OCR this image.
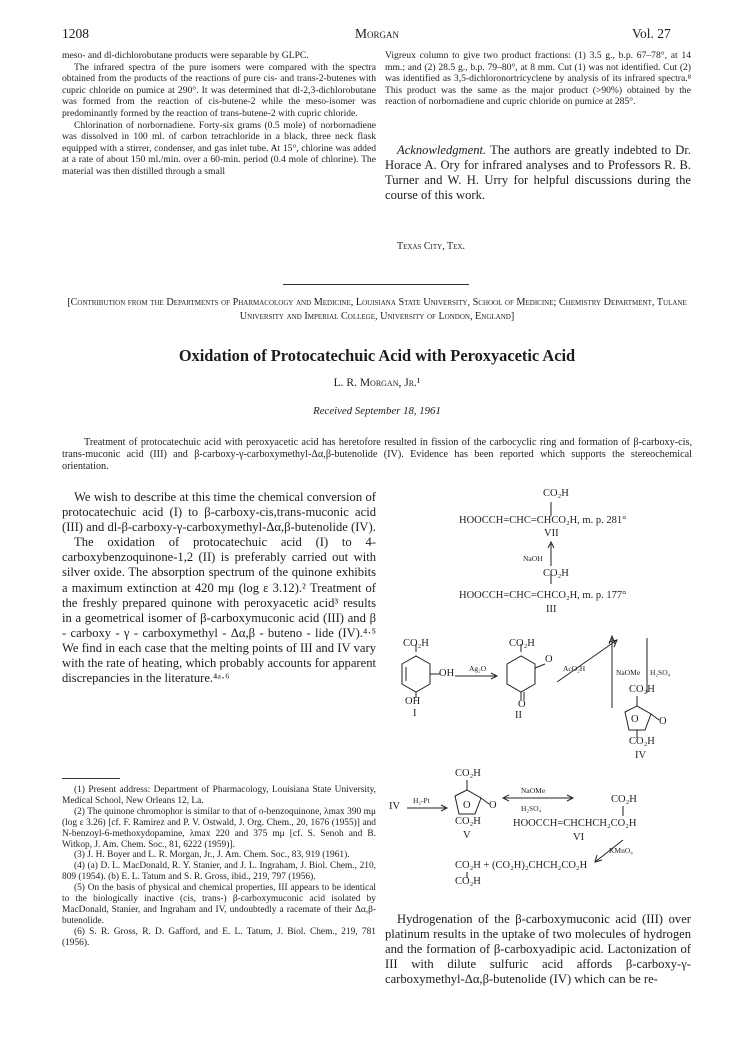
1208	Morgan	Vol. 27

meso- and dl-dichlorobutane products were separable by GLPC.

The infrared spectra of the pure isomers were compared with the spectra obtained from the products of the reactions of pure cis- and trans-2-butenes with cupric chloride on pumice at 290°. It was determined that dl-2,3-dichlorobutane was formed from the reaction of cis-butene-2 while the meso-isomer was predominantly formed by the reaction of trans-butene-2 with cupric chloride.

Chlorination of norbornadiene. Forty-six grams (0.5 mole) of norbornadiene was dissolved in 100 ml. of carbon tetrachloride in a black, three neck flask equipped with a stirrer, condenser, and gas inlet tube. At 15°, chlorine was added at a rate of about 150 ml./min. over a 60-min. period (0.4 mole of chlorine). The material was then distilled through a small

Vigreux column to give two product fractions: (1) 3.5 g., b.p. 67–78°, at 14 mm.; and (2) 28.5 g., b.p. 79–80°, at 8 mm. Cut (1) was not identified. Cut (2) was identified as 3,5-dichloronortricyclene by analysis of its infrared spectra.⁸ This product was the same as the major product (>90%) obtained by the reaction of norbornadiene and cupric chloride on pumice at 285°.

Acknowledgment. The authors are greatly indebted to Dr. Horace A. Ory for infrared analyses and to Professors R. B. Turner and W. H. Urry for helpful discussions during the course of this work.
Texas City, Tex.
[Contribution from the Departments of Pharmacology and Medicine, Louisiana State University, School of Medicine; Chemistry Department, Tulane University and Imperial College, University of London, England]
Oxidation of Protocatechuic Acid with Peroxyacetic Acid
L. R. Morgan, Jr.¹
Received September 18, 1961
Treatment of protocatechuic acid with peroxyacetic acid has heretofore resulted in fission of the carbocyclic ring and formation of β-carboxy-cis, trans-muconic acid (III) and β-carboxy-γ-carboxymethyl-Δα,β-butenolide (IV). Evidence has been reported which supports the stereochemical orientation.

We wish to describe at this time the chemical conversion of protocatechuic acid (I) to β-carboxy-cis,trans-muconic acid (III) and dl-β-carboxy-γ-carboxymethyl-Δα,β-butenolide (IV).

The oxidation of protocatechuic acid (I) to 4-carboxybenzoquinone-1,2 (II) is preferably carried out with silver oxide. The absorption spectrum of the quinone exhibits a maximum extinction at 420 mμ (log ε 3.12).² Treatment of the freshly prepared quinone with peroxyacetic acid³ results in a geometrical isomer of β-carboxymuconic acid (III) and β - carboxy - γ - carboxymethyl - Δα,β - buteno - lide (IV).⁴·⁵ We find in each case that the melting points of III and IV vary with the rate of heating, which probably accounts for apparent discrepancies in the literature.⁴ᵃ·⁶

(1) Present address: Department of Pharmacology, Louisiana State University, Medical School, New Orleans 12, La.

(2) The quinone chromophor is similar to that of o-benzoquinone, λmax 390 mμ (log ε 3.26) [cf. F. Ramirez and P. V. Ostwald, J. Org. Chem., 20, 1676 (1955)] and N-benzoyl-6-methoxydopamine, λmax 220 and 375 mμ [cf. S. Senoh and B. Witkop, J. Am. Chem. Soc., 81, 6222 (1959)].

(3) J. H. Boyer and L. R. Morgan, Jr., J. Am. Chem. Soc., 83, 919 (1961).

(4) (a) D. L. MacDonald, R. Y. Stanier, and J. L. Ingraham, J. Biol. Chem., 210, 809 (1954). (b) E. L. Tatum and S. R. Gross, ibid., 219, 797 (1956).

(5) On the basis of physical and chemical properties, III appears to be identical to the biologically inactive (cis, trans-) β-carboxymuconic acid isolated by MacDonald, Stanier, and Ingraham and IV, undoubtedly a racemate of their Δα,β-butenolide.

(6) S. R. Gross, R. D. Gafford, and E. L. Tatum, J. Biol. Chem., 219, 781 (1956).

CO₂H
HOOCCH=CHC=CHCO₂H, m. p. 281°
VII
NaOH
CO₂H
HOOCCH=CHC=CHCO₂H, m. p. 177°
III
NaOMe H₂SO₄
CO₂H
OH
OH
I
Ag₂O
CO₂H
O
O
II
AcO₂H
CO₂H
O O
CO₂H
IV
CO₂H
IV
H₂-Pt	O O
CO₂H
V
NaOMe
H₂SO₄
CO₂H
HOOCCH=CHCHCH₂CO₂H
VI
KMnO₄
CO₂H + (CO₂H)₂CHCH₂CO₂H
CO₂H
Hydrogenation of the β-carboxymuconic acid (III) over platinum results in the uptake of two molecules of hydrogen and the formation of β-carboxyadipic acid. Lactonization of III with dilute sulfuric acid affords β-carboxy-γ-carboxymethyl-Δα,β-butenolide (IV) which can be re-
